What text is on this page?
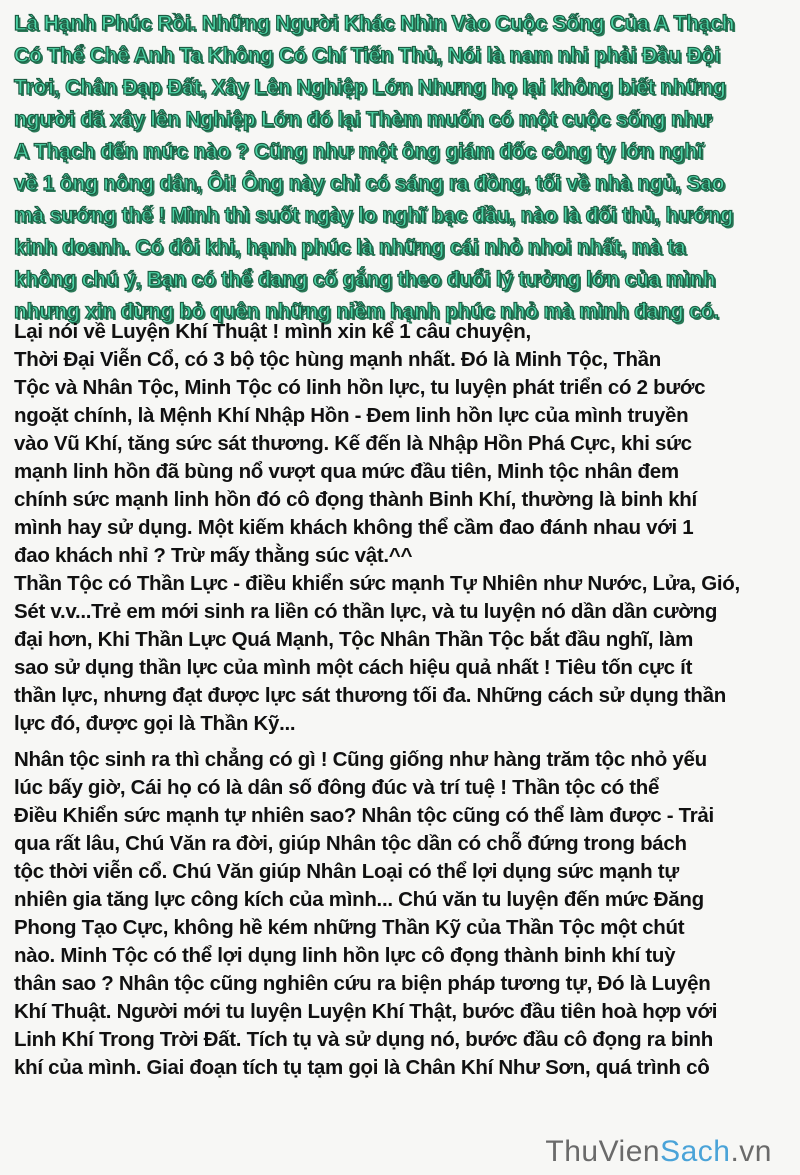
Là Hạnh Phúc Rồi. Những Người Khác Nhìn Vào Cuộc Sống Của A Thạch
Có Thể Chê Anh Ta Không Có Chí Tiến Thủ, Nói là nam nhi phải Đầu Đội
Trời, Chân Đạp Đất, Xây Lên Nghiệp Lớn Nhưng họ lại không biết những
người đã xây lên Nghiệp Lớn đó lại Thèm muốn có một cuộc sống như
A Thạch đến mức nào ? Cũng như một ông giám đốc công ty lớn nghĩ
về 1 ông nông dân, Ôi! Ông này chỉ có sáng ra đồng, tối về nhà ngủ, Sao
mà sướng thế ! Mình thì suốt ngày lo nghĩ bạc đầu, nào là đối thủ, hướng
kinh doanh. Có đôi khi, hạnh phúc là những cái nhỏ nhoi nhất, mà ta
không chú ý, Bạn có thể đang cố gắng theo đuổi lý tưởng lớn của mình
nhưng xin đừng bỏ quên những niềm hạnh phúc nhỏ mà mình đang có.
Lại nói về Luyện Khí Thuật ! mình xin kể 1 câu chuyện,
Thời Đại Viễn Cổ, có 3 bộ tộc hùng mạnh nhất. Đó là Minh Tộc, Thần
Tộc và Nhân Tộc, Minh Tộc có linh hồn lực, tu luyện phát triển có 2 bước
ngoặt chính, là Mệnh Khí Nhập Hồn - Đem linh hồn lực của mình truyền
vào Vũ Khí, tăng sức sát thương. Kế đến là Nhập Hồn Phá Cực, khi sức
mạnh linh hồn đã bùng nổ vượt qua mức đầu tiên, Minh tộc nhân đem
chính sức mạnh linh hồn đó cô đọng thành Binh Khí, thường là binh khí
mình hay sử dụng. Một kiếm khách không thể cầm đao đánh nhau với 1
đao khách nhỉ ? Trừ mấy thằng súc vật.^^
Thần Tộc có Thần Lực - điều khiển sức mạnh Tự Nhiên như Nước, Lửa, Gió,
Sét v.v...Trẻ em mới sinh ra liền có thần lực, và tu luyện nó dần dần cường
đại hơn, Khi Thần Lực Quá Mạnh, Tộc Nhân Thần Tộc bắt đầu nghĩ, làm
sao sử dụng thần lực của mình một cách hiệu quả nhất ! Tiêu tốn cực ít
thần lực, nhưng đạt được lực sát thương tối đa. Những cách sử dụng thần
lực đó, được gọi là Thần Kỹ...
Nhân tộc sinh ra thì chẳng có gì ! Cũng giống như hàng trăm tộc nhỏ yếu
lúc bấy giờ, Cái họ có là dân số đông đúc và trí tuệ ! Thần tộc có thể
Điều Khiển sức mạnh tự nhiên sao? Nhân tộc cũng có thể làm được - Trải
qua rất lâu, Chú Văn ra đời, giúp Nhân tộc dần có chỗ đứng trong bách
tộc thời viễn cổ. Chú Văn giúp Nhân Loại có thể lợi dụng sức mạnh tự
nhiên gia tăng lực công kích của mình... Chú văn tu luyện đến mức Đăng
Phong Tạo Cực, không hề kém những Thần Kỹ của Thần Tộc một chút
nào. Minh Tộc có thể lợi dụng linh hồn lực cô đọng thành binh khí tuỳ
thân sao ? Nhân tộc cũng nghiên cứu ra biện pháp tương tự, Đó là Luyện
Khí Thuật. Người mới tu luyện Luyện Khí Thật, bước đầu tiên hoà hợp với
Linh Khí Trong Trời Đất. Tích tụ và sử dụng nó, bước đầu cô đọng ra binh
khí của mình. Giai đoạn tích tụ tạm gọi là Chân Khí Như Sơn, quá trình cô
ThuVienSach.vn
